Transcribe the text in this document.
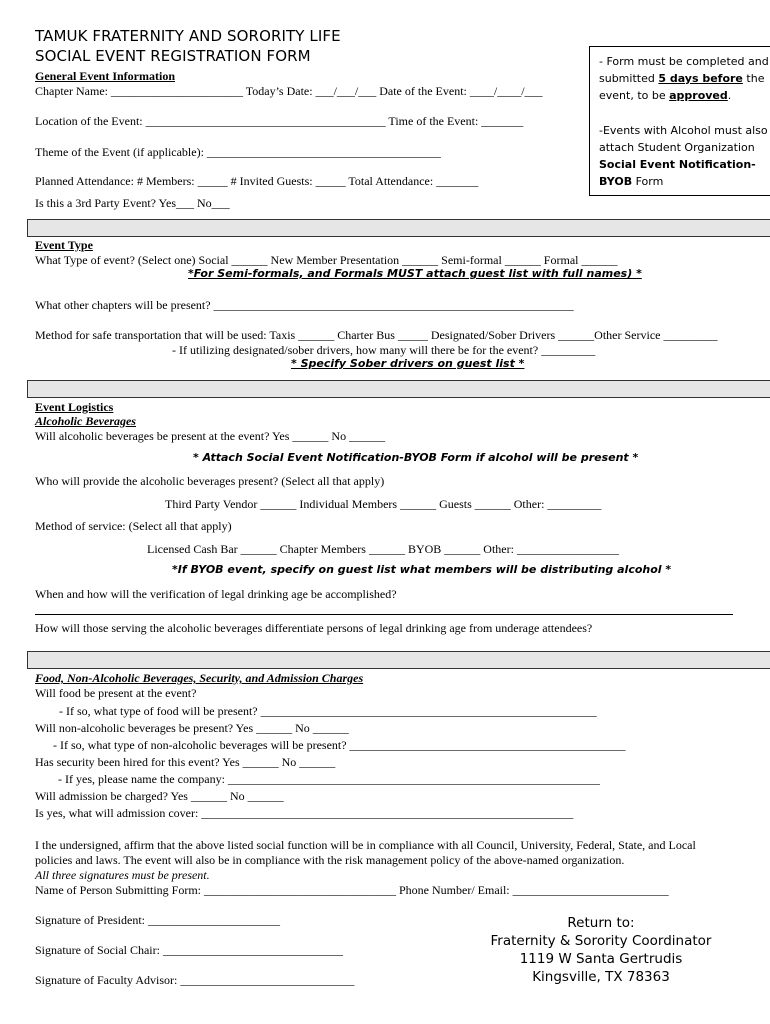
TAMUK FRATERNITY AND SORORITY LIFE
SOCIAL EVENT REGISTRATION FORM	- Form must be completed and
submitted 5 days before the
event, to be approved.
-Events with Alcohol must also
attach Student Organization
Social Event Notification-
BYOB Form
General Event Information
Chapter Name: ______________________ Today’s Date: ___/___/___ Date of the Event: ____/____/___
Location of the Event: ________________________________________ Time of the Event: _______
Theme of the Event (if applicable): _______________________________________
Planned Attendance: # Members: _____ # Invited Guests: _____ Total Attendance: _______
Is this a 3rd Party Event? Yes___ No___
Event Type
What Type of event? (Select one) Social ______ New Member Presentation ______ Semi-formal ______ Formal ______
*For Semi-formals, and Formals MUST attach guest list with full names) *
What other chapters will be present? ____________________________________________________________
Method for safe transportation that will be used: Taxis ______ Charter Bus _____ Designated/Sober Drivers ______Other Service _________
- If utilizing designated/sober drivers, how many will there be for the event? _________
* Specify Sober drivers on guest list *
Event Logistics
Alcoholic Beverages
Will alcoholic beverages be present at the event? Yes ______ No ______
* Attach Social Event Notification-BYOB Form if alcohol will be present *
Who will provide the alcoholic beverages present? (Select all that apply)
Third Party Vendor ______ Individual Members ______ Guests ______ Other: _________
Method of service: (Select all that apply)
Licensed Cash Bar ______ Chapter Members ______ BYOB ______ Other: _________________
*If BYOB event, specify on guest list what members will be distributing alcohol *
When and how will the verification of legal drinking age be accomplished?
How will those serving the alcoholic beverages differentiate persons of legal drinking age from underage attendees?
Food, Non-Alcoholic Beverages, Security, and Admission Charges
Will food be present at the event?
- If so, what type of food will be present? ________________________________________________________
Will non-alcoholic beverages be present? Yes ______ No ______
- If so, what type of non-alcoholic beverages will be present? ______________________________________________
Has security been hired for this event? Yes ______ No ______
- If yes, please name the company: ______________________________________________________________
Will admission be charged? Yes ______ No ______
Is yes, what will admission cover: ______________________________________________________________
I the undersigned, affirm that the above listed social function will be in compliance with all Council, University, Federal, State, and Local
policies and laws. The event will also be in compliance with the risk management policy of the above-named organization.
All three signatures must be present.
Name of Person Submitting Form: ________________________________ Phone Number/ Email: __________________________
Signature of President: ______________________
Signature of Social Chair: ______________________________
Signature of Faculty Advisor: _____________________________
Return to:
Fraternity & Sorority Coordinator
1119 W Santa Gertrudis
Kingsville, TX 78363
